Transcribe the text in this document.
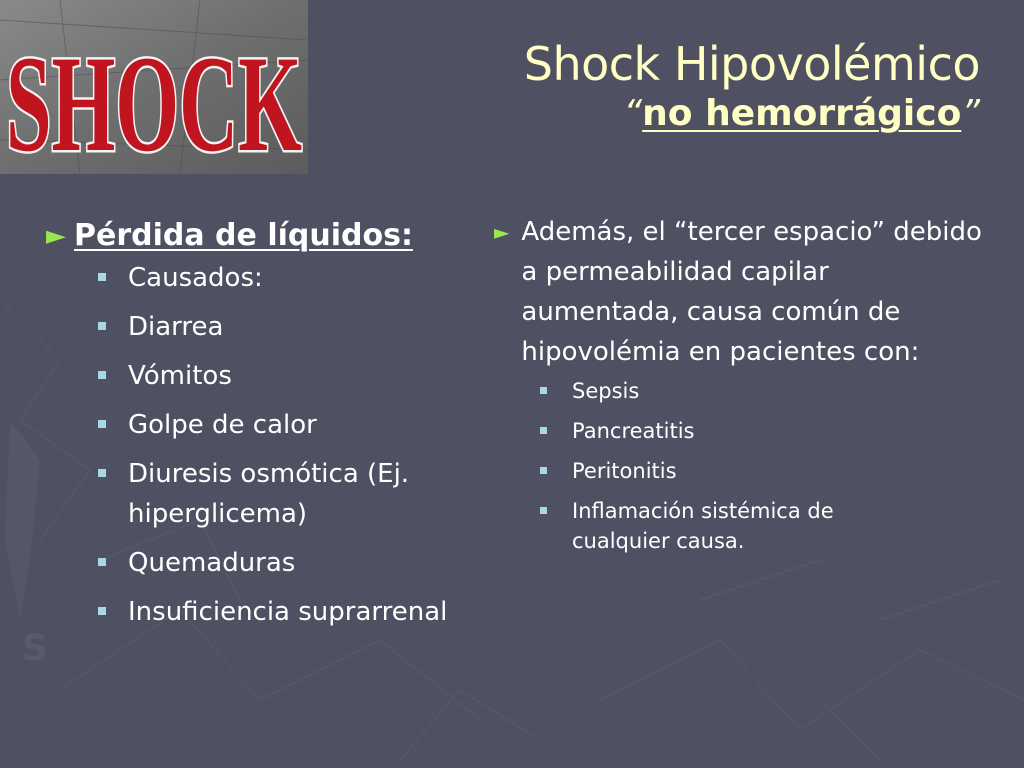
S
SHOCK
SHOCK	Shock Hipovolémico
“no hemorrágico”
► Pérdida de líquidos:
Causados:
Diarrea
Vómitos
Golpe de calor
Diuresis osmótica (Ej. hiperglicema)
Quemaduras
Insuficiencia suprarrenal
► Además, el “tercer espacio” debido a permeabilidad capilar aumentada, causa común de hipovolémia en pacientes con:
Sepsis
Pancreatitis
Peritonitis
Inflamación sistémica de cualquier causa.
